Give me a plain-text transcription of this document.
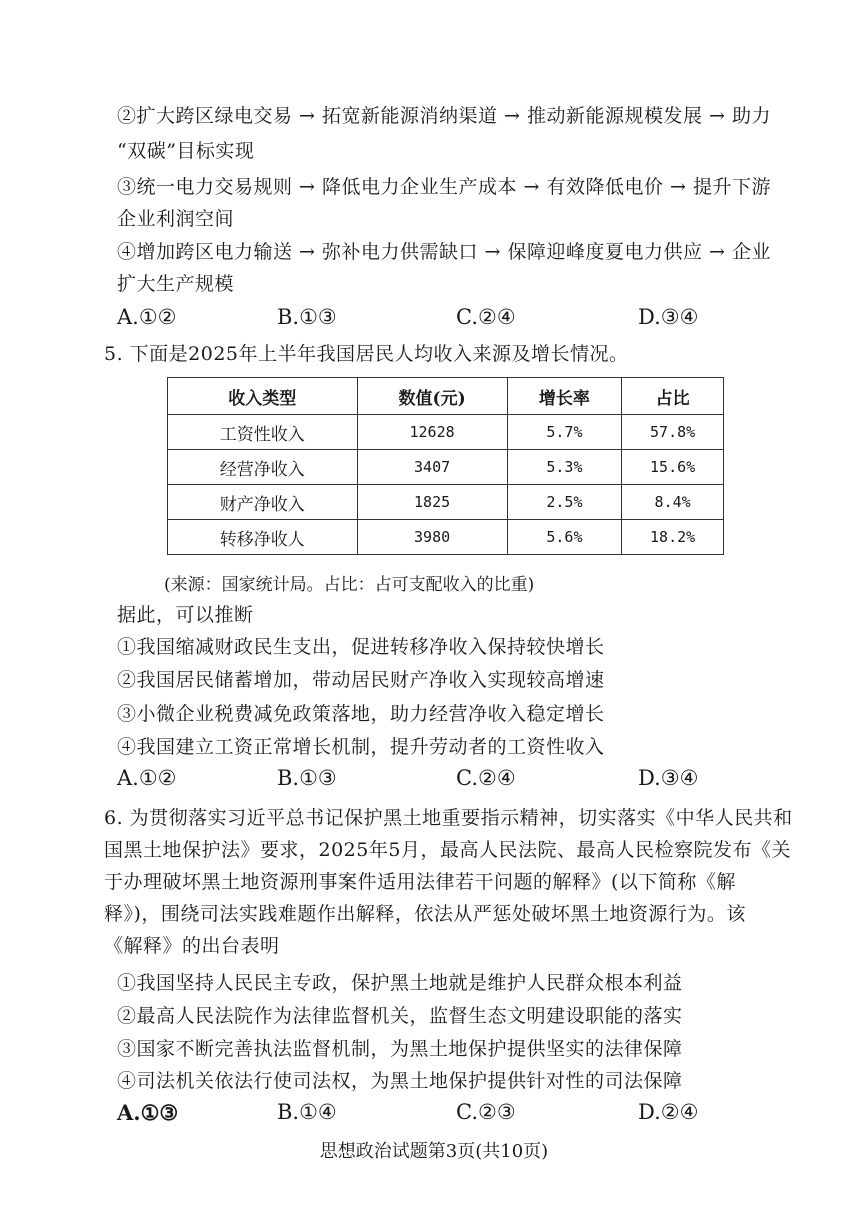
②扩大跨区绿电交易 → 拓宽新能源消纳渠道 → 推动新能源规模发展 → 助力
“双碳”目标实现
③统一电力交易规则 → 降低电力企业生产成本 → 有效降低电价 → 提升下游
企业利润空间
④增加跨区电力输送 → 弥补电力供需缺口 → 保障迎峰度夏电力供应 → 企业
扩大生产规模
A.①②	B.①③	C.②④	D.③④
5. 下面是2025年上半年我国居民人均收入来源及增长情况。
收入类型	数值(元)	增长率	占比
工资性收入	12628	5.7%	57.8%
经营净收入	3407	5.3%	15.6%
财产净收入	1825	2.5%	8.4%
转移净收人	3980	5.6%	18.2%
(来源：国家统计局。占比：占可支配收入的比重)
据此，可以推断
①我国缩减财政民生支出，促进转移净收入保持较快增长
②我国居民储蓄增加，带动居民财产净收入实现较高增速
③小微企业税费减免政策落地，助力经营净收入稳定增长
④我国建立工资正常增长机制，提升劳动者的工资性收入
A.①②	B.①③	C.②④	D.③④
6. 为贯彻落实习近平总书记保护黑土地重要指示精神，切实落实《中华人民共和
国黑土地保护法》要求，2025年5月，最高人民法院、最高人民检察院发布《关
于办理破坏黑土地资源刑事案件适用法律若干问题的解释》(以下简称《解
释》)，围绕司法实践难题作出解释，依法从严惩处破坏黑土地资源行为。该
《解释》的出台表明
①我国坚持人民民主专政，保护黑土地就是维护人民群众根本利益
②最高人民法院作为法律监督机关，监督生态文明建设职能的落实
③国家不断完善执法监督机制，为黑土地保护提供坚实的法律保障
④司法机关依法行使司法权，为黑土地保护提供针对性的司法保障
A.①③	B.①④	C.②③	D.②④
思想政治试题第3页(共10页)
